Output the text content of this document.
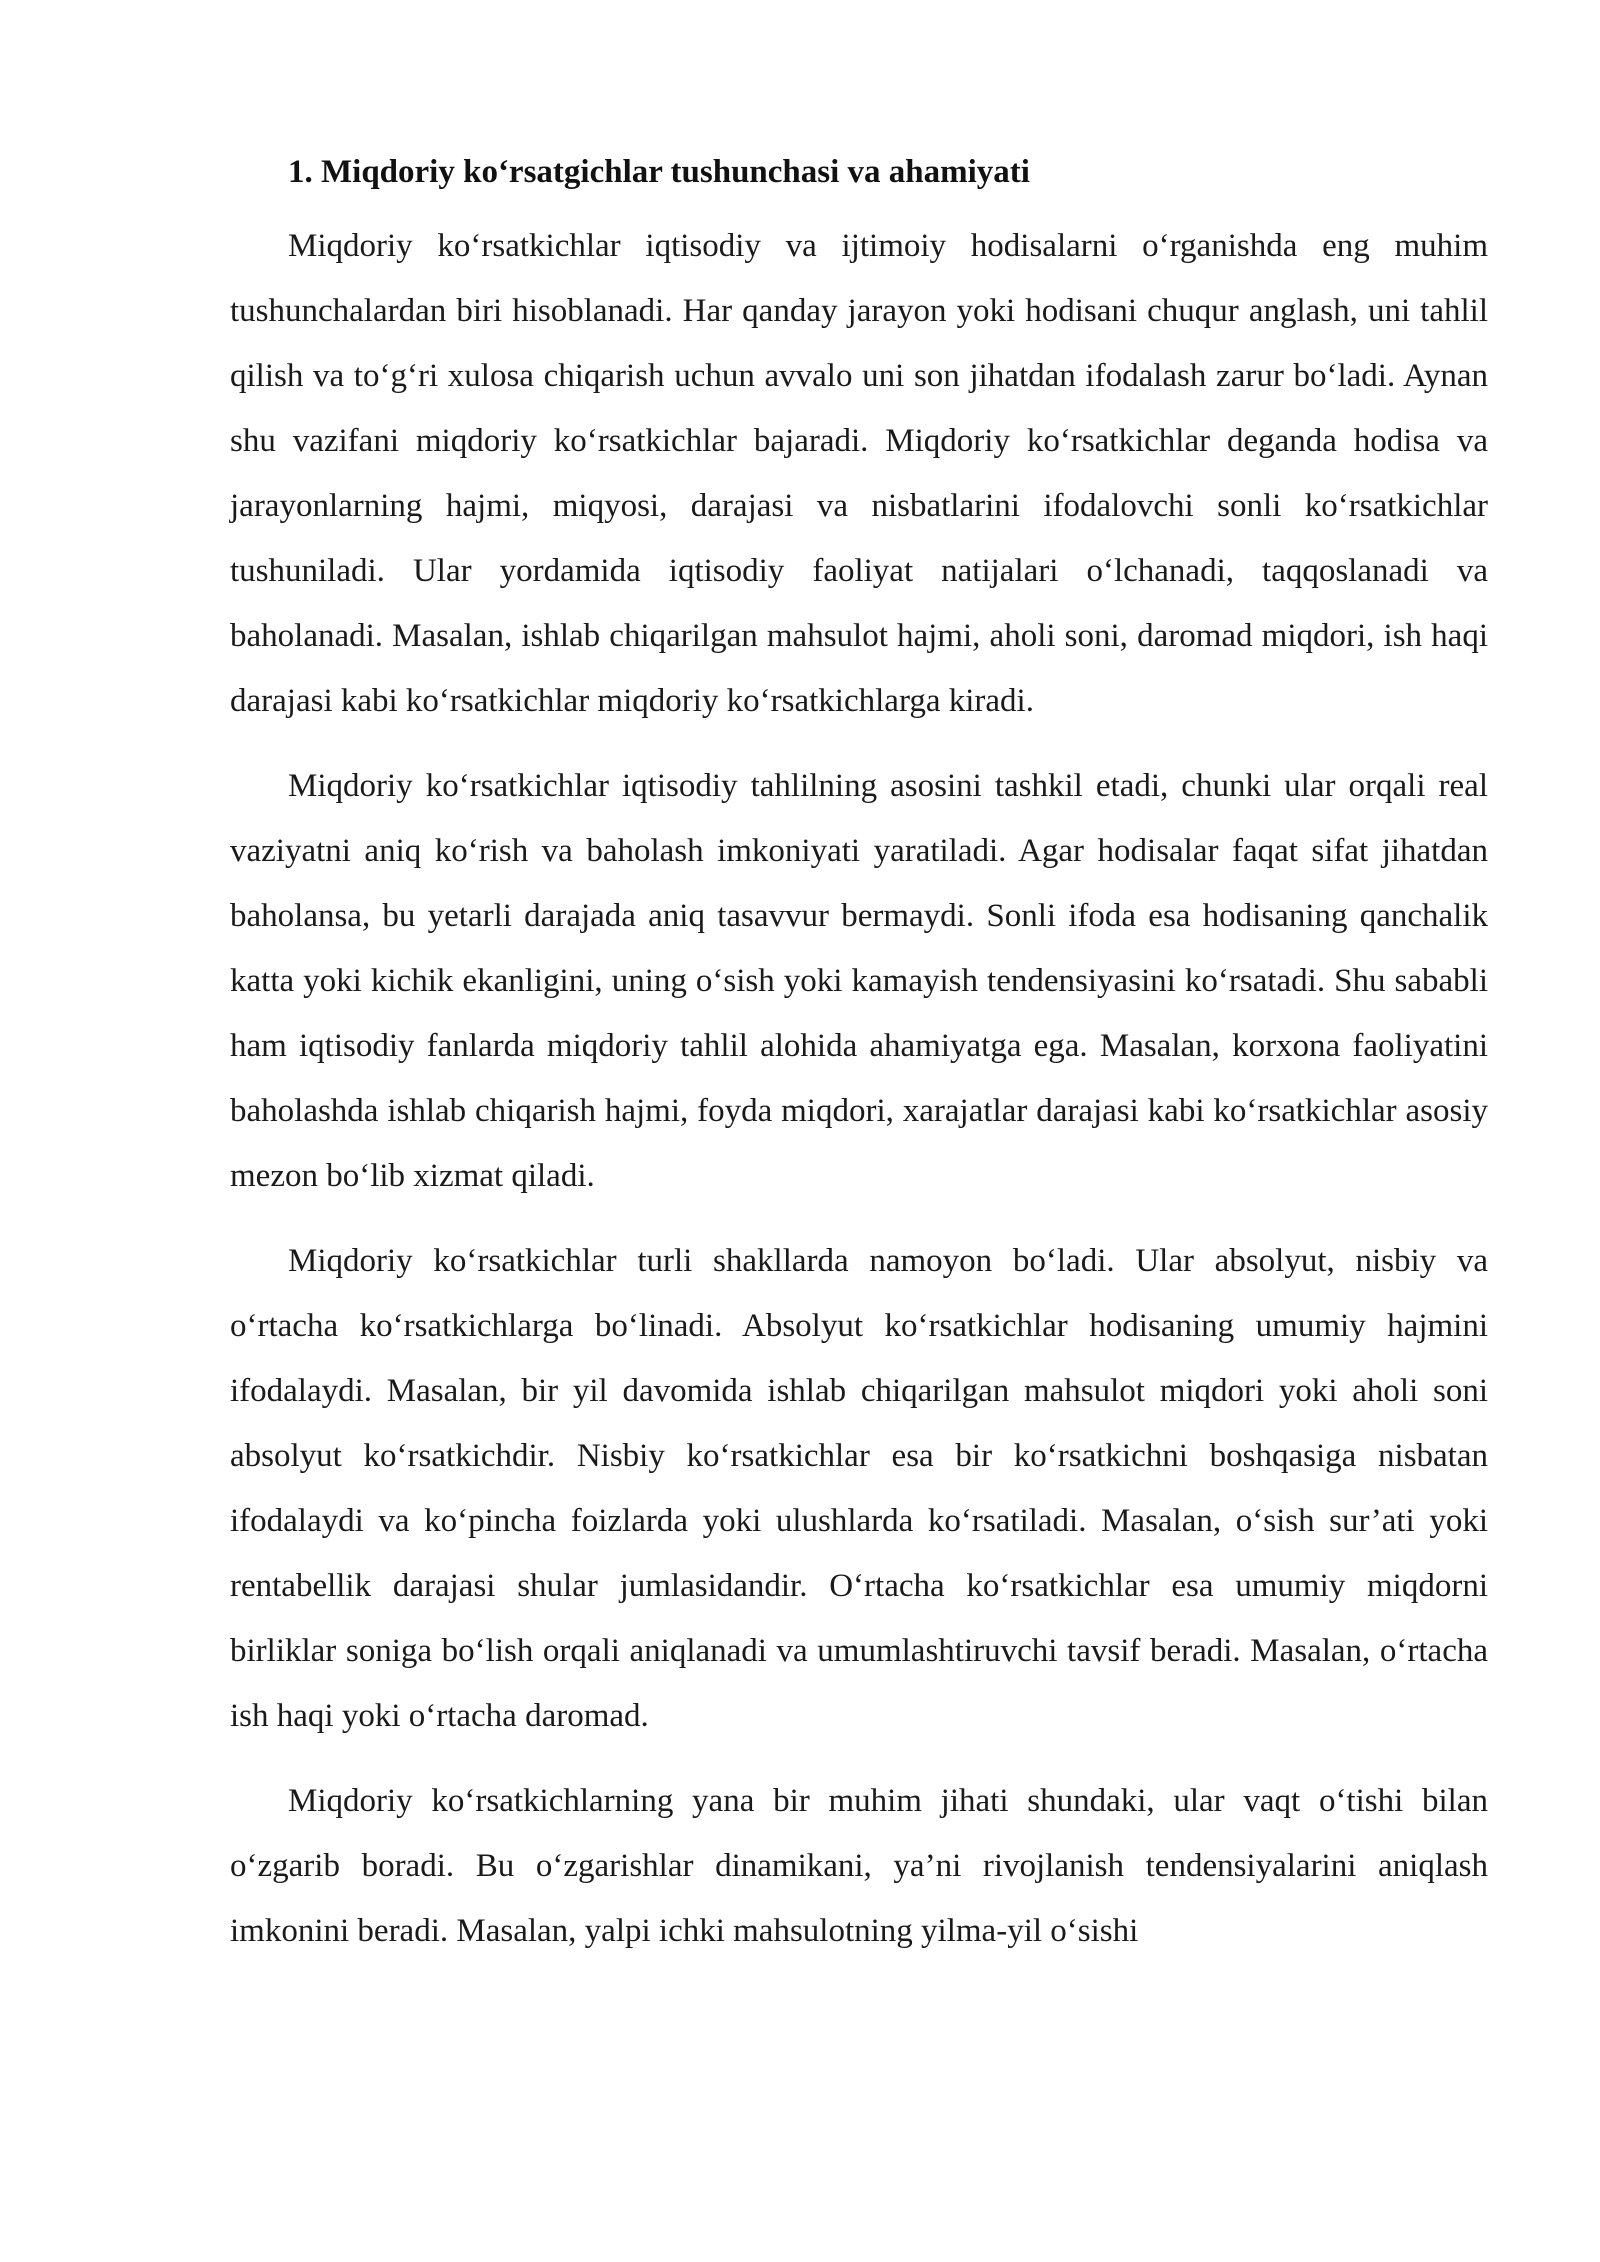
1. Miqdoriy koʻrsatgichlar tushunchasi va ahamiyati

Miqdoriy koʻrsatkichlar iqtisodiy va ijtimoiy hodisalarni oʻrganishda eng muhim tushunchalardan biri hisoblanadi. Har qanday jarayon yoki hodisani chuqur anglash, uni tahlil qilish va toʻgʻri xulosa chiqarish uchun avvalo uni son jihatdan ifodalash zarur boʻladi. Aynan shu vazifani miqdoriy koʻrsatkichlar bajaradi. Miqdoriy koʻrsatkichlar deganda hodisa va jarayonlarning hajmi, miqyosi, darajasi va nisbatlarini ifodalovchi sonli koʻrsatkichlar tushuniladi. Ular yordamida iqtisodiy faoliyat natijalari oʻlchanadi, taqqoslanadi va baholanadi. Masalan, ishlab chiqarilgan mahsulot hajmi, aholi soni, daromad miqdori, ish haqi darajasi kabi koʻrsatkichlar miqdoriy koʻrsatkichlarga kiradi.

Miqdoriy koʻrsatkichlar iqtisodiy tahlilning asosini tashkil etadi, chunki ular orqali real vaziyatni aniq koʻrish va baholash imkoniyati yaratiladi. Agar hodisalar faqat sifat jihatdan baholansa, bu yetarli darajada aniq tasavvur bermaydi. Sonli ifoda esa hodisaning qanchalik katta yoki kichik ekanligini, uning oʻsish yoki kamayish tendensiyasini koʻrsatadi. Shu sababli ham iqtisodiy fanlarda miqdoriy tahlil alohida ahamiyatga ega. Masalan, korxona faoliyatini baholashda ishlab chiqarish hajmi, foyda miqdori, xarajatlar darajasi kabi koʻrsatkichlar asosiy mezon boʻlib xizmat qiladi.

Miqdoriy koʻrsatkichlar turli shakllarda namoyon boʻladi. Ular absolyut, nisbiy va oʻrtacha koʻrsatkichlarga boʻlinadi. Absolyut koʻrsatkichlar hodisaning umumiy hajmini ifodalaydi. Masalan, bir yil davomida ishlab chiqarilgan mahsulot miqdori yoki aholi soni absolyut koʻrsatkichdir. Nisbiy koʻrsatkichlar esa bir koʻrsatkichni boshqasiga nisbatan ifodalaydi va koʻpincha foizlarda yoki ulushlarda koʻrsatiladi. Masalan, oʻsish sur’ati yoki rentabellik darajasi shular jumlasidandir. Oʻrtacha koʻrsatkichlar esa umumiy miqdorni birliklar soniga boʻlish orqali aniqlanadi va umumlashtiruvchi tavsif beradi. Masalan, oʻrtacha ish haqi yoki oʻrtacha daromad.

Miqdoriy koʻrsatkichlarning yana bir muhim jihati shundaki, ular vaqt oʻtishi bilan oʻzgarib boradi. Bu oʻzgarishlar dinamikani, ya’ni rivojlanish tendensiyalarini aniqlash imkonini beradi. Masalan, yalpi ichki mahsulotning yilma-yil oʻsishi
